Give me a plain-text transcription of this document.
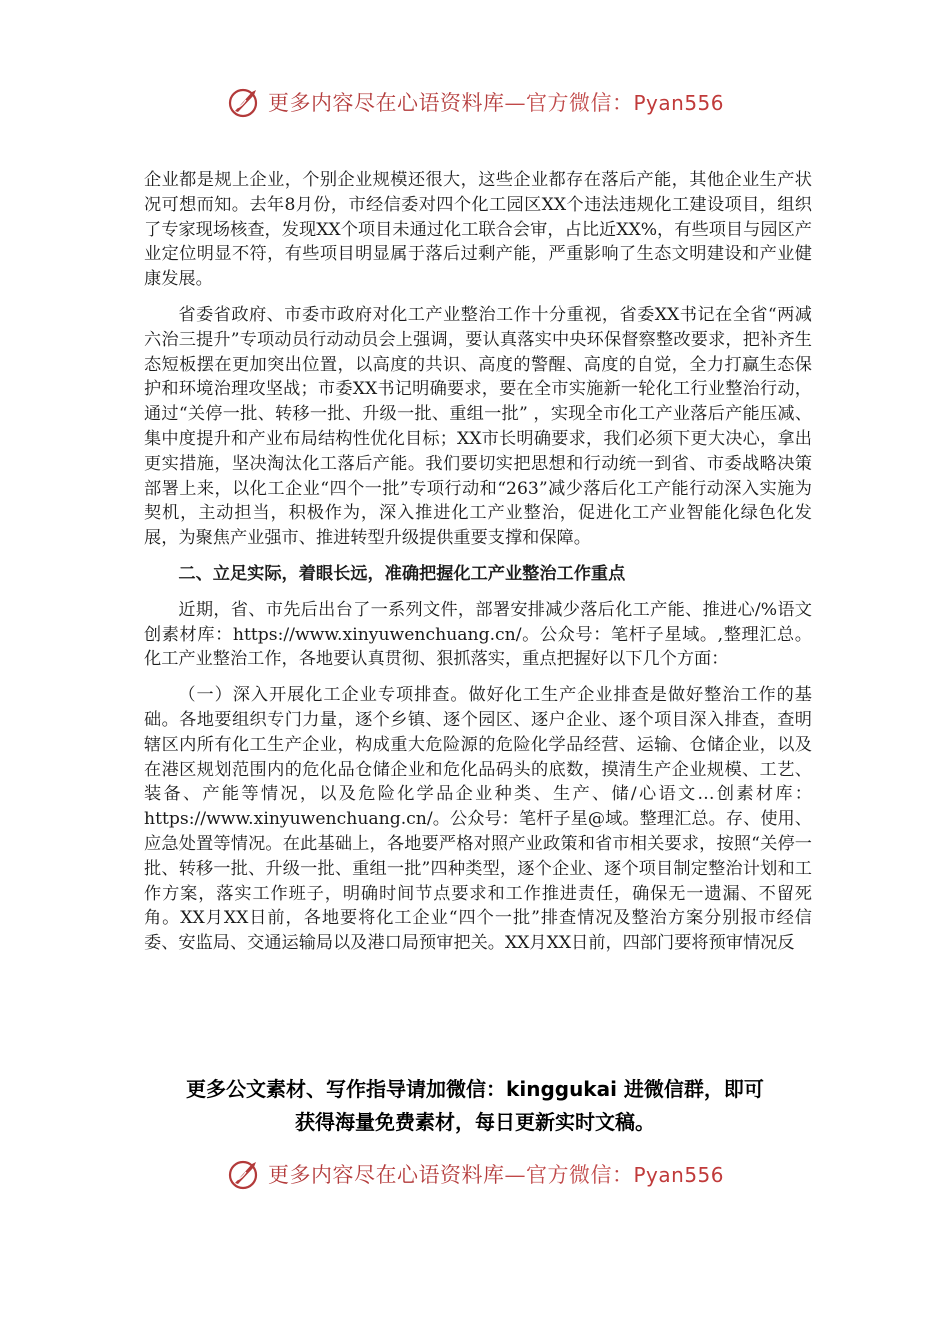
更多内容尽在心语资料库—官方微信：Pyan556

企业都是规上企业，个别企业规模还很大，这些企业都存在落后产能，其他企业生产状况可想而知。去年8月份，市经信委对四个化工园区XX个违法违规化工建设项目，组织了专家现场核查，发现XX个项目未通过化工联合会审，占比近XX%，有些项目与园区产业定位明显不符，有些项目明显属于落后过剩产能，严重影响了生态文明建设和产业健康发展。

省委省政府、市委市政府对化工产业整治工作十分重视，省委XX书记在全省“两减六治三提升”专项动员行动动员会上强调，要认真落实中央环保督察整改要求，把补齐生态短板摆在更加突出位置，以高度的共识、高度的警醒、高度的自觉，全力打赢生态保护和环境治理攻坚战；市委XX书记明确要求，要在全市实施新一轮化工行业整治行动，通过“关停一批、转移一批、升级一批、重组一批” ，实现全市化工产业落后产能压减、集中度提升和产业布局结构性优化目标；XX市长明确要求，我们必须下更大决心，拿出更实措施，坚决淘汰化工落后产能。我们要切实把思想和行动统一到省、市委战略决策部署上来，以化工企业“四个一批”专项行动和“263”减少落后化工产能行动深入实施为契机，主动担当，积极作为，深入推进化工产业整治，促进化工产业智能化绿色化发展，为聚焦产业强市、推进转型升级提供重要支撑和保障。

二、立足实际，着眼长远，准确把握化工产业整治工作重点

近期，省、市先后出台了一系列文件，部署安排减少落后化工产能、推进心/%语文创素材库：https://www.xinyuwenchuang.cn/。公众号：笔杆子星域。,整理汇总。化工产业整治工作，各地要认真贯彻、狠抓落实，重点把握好以下几个方面：

（一）深入开展化工企业专项排查。做好化工生产企业排查是做好整治工作的基础。各地要组织专门力量，逐个乡镇、逐个园区、逐户企业、逐个项目深入排查，查明辖区内所有化工生产企业，构成重大危险源的危险化学品经营、运输、仓储企业，以及在港区规划范围内的危化品仓储企业和危化品码头的底数，摸清生产企业规模、工艺、装备、产能等情况，以及危险化学品企业种类、生产、储/心语文…创素材库：https://www.xinyuwenchuang.cn/。公众号：笔杆子星@域。整理汇总。存、使用、应急处置等情况。在此基础上，各地要严格对照产业政策和省市相关要求，按照“关停一批、转移一批、升级一批、重组一批”四种类型，逐个企业、逐个项目制定整治计划和工作方案，落实工作班子，明确时间节点要求和工作推进责任，确保无一遗漏、不留死角。XX月XX日前，各地要将化工企业“四个一批”排查情况及整治方案分别报市经信委、安监局、交通运输局以及港口局预审把关。XX月XX日前，四部门要将预审情况反

更多公文素材、写作指导请加微信：kinggukai 进微信群，即可
获得海量免费素材，每日更新实时文稿。
更多内容尽在心语资料库—官方微信：Pyan556
